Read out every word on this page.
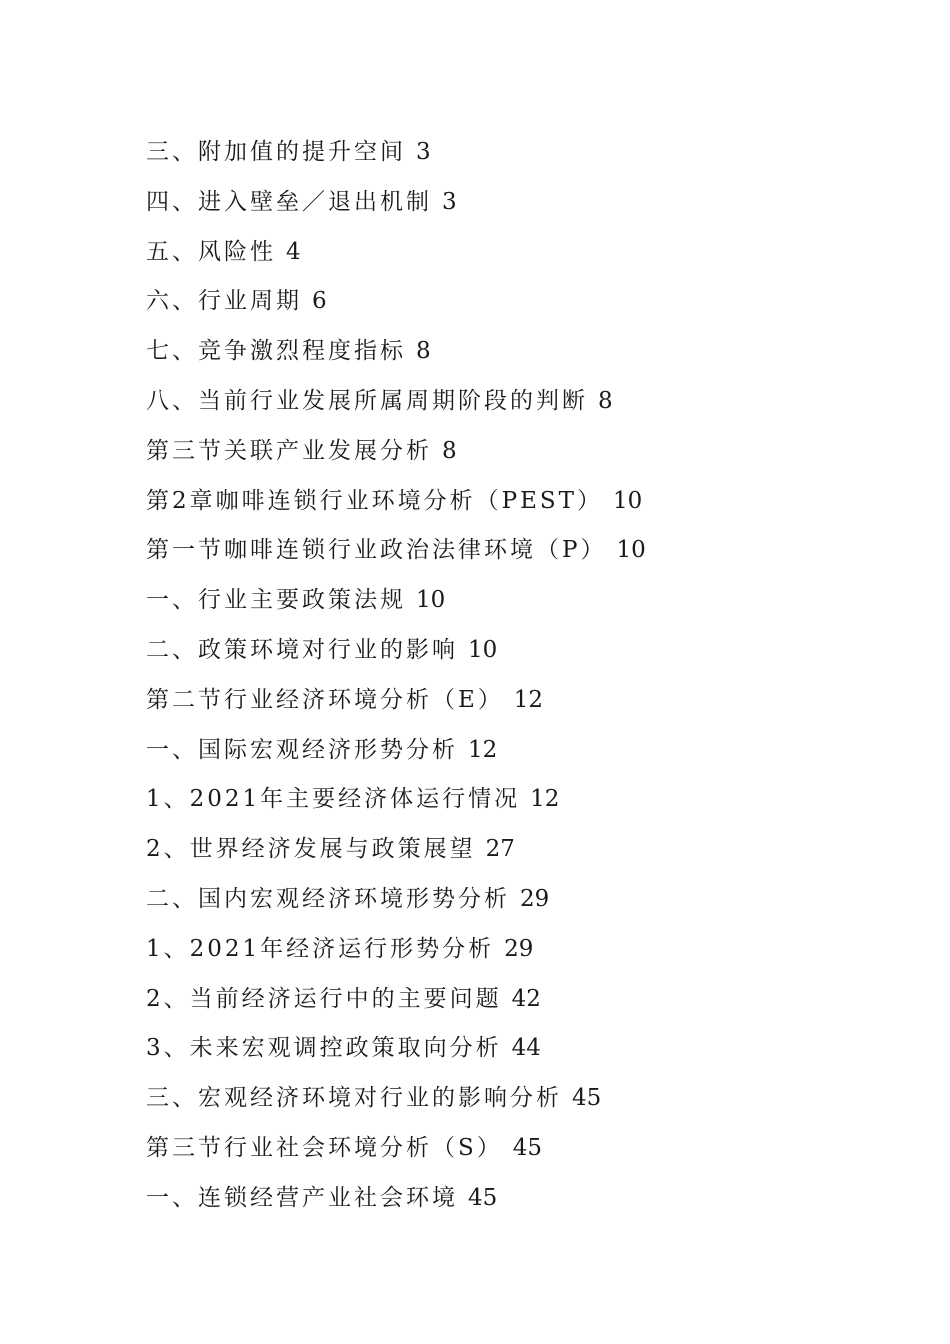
三、附加值的提升空间 3
四、进入壁垒／退出机制 3
五、风险性 4
六、行业周期 6
七、竞争激烈程度指标 8
八、当前行业发展所属周期阶段的判断 8
第三节关联产业发展分析 8
第2章咖啡连锁行业环境分析（PEST） 10
第一节咖啡连锁行业政治法律环境（P） 10
一、行业主要政策法规 10
二、政策环境对行业的影响 10
第二节行业经济环境分析（E） 12
一、国际宏观经济形势分析 12
1、2021年主要经济体运行情况 12
2、世界经济发展与政策展望 27
二、国内宏观经济环境形势分析 29
1、2021年经济运行形势分析 29
2、当前经济运行中的主要问题 42
3、未来宏观调控政策取向分析 44
三、宏观经济环境对行业的影响分析 45
第三节行业社会环境分析（S） 45
一、连锁经营产业社会环境 45
